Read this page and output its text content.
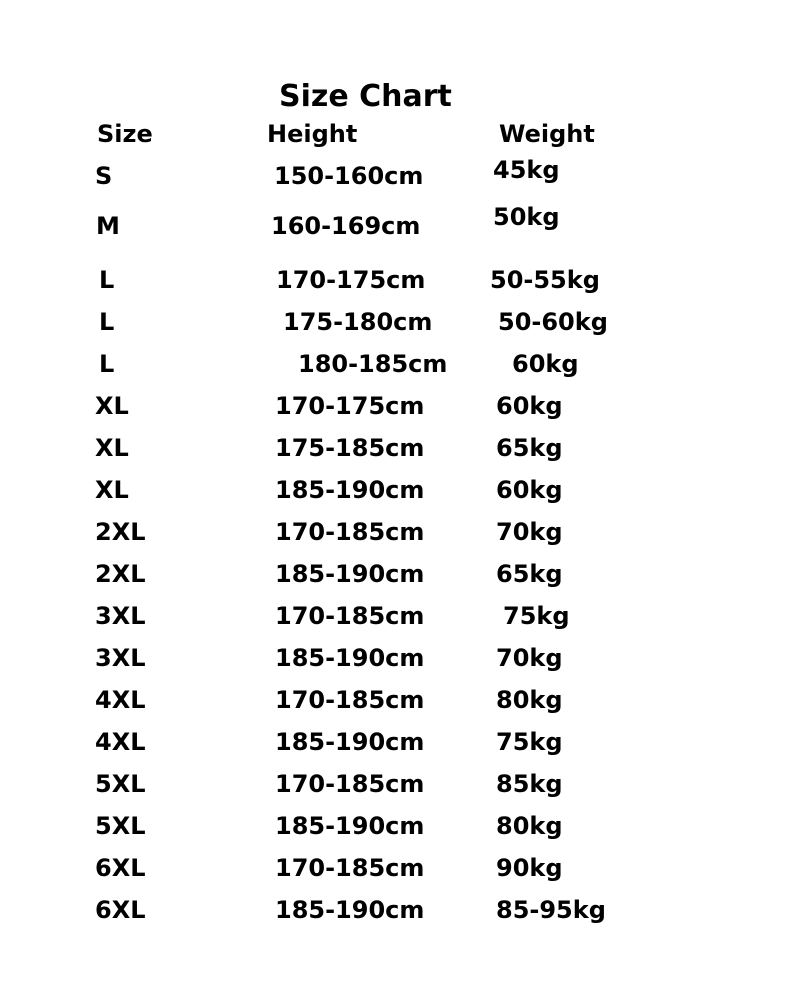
Size Chart
Size	Height	Weight
S	150-160cm	45kg
M	160-169cm	50kg
L	170-175cm	50-55kg
L	175-180cm	50-60kg
L	180-185cm	60kg
XL	170-175cm	60kg
XL	175-185cm	65kg
XL	185-190cm	60kg
2XL	170-185cm	70kg
2XL	185-190cm	65kg
3XL	170-185cm	75kg
3XL	185-190cm	70kg
4XL	170-185cm	80kg
4XL	185-190cm	75kg
5XL	170-185cm	85kg
5XL	185-190cm	80kg
6XL	170-185cm	90kg
6XL	185-190cm	85-95kg
